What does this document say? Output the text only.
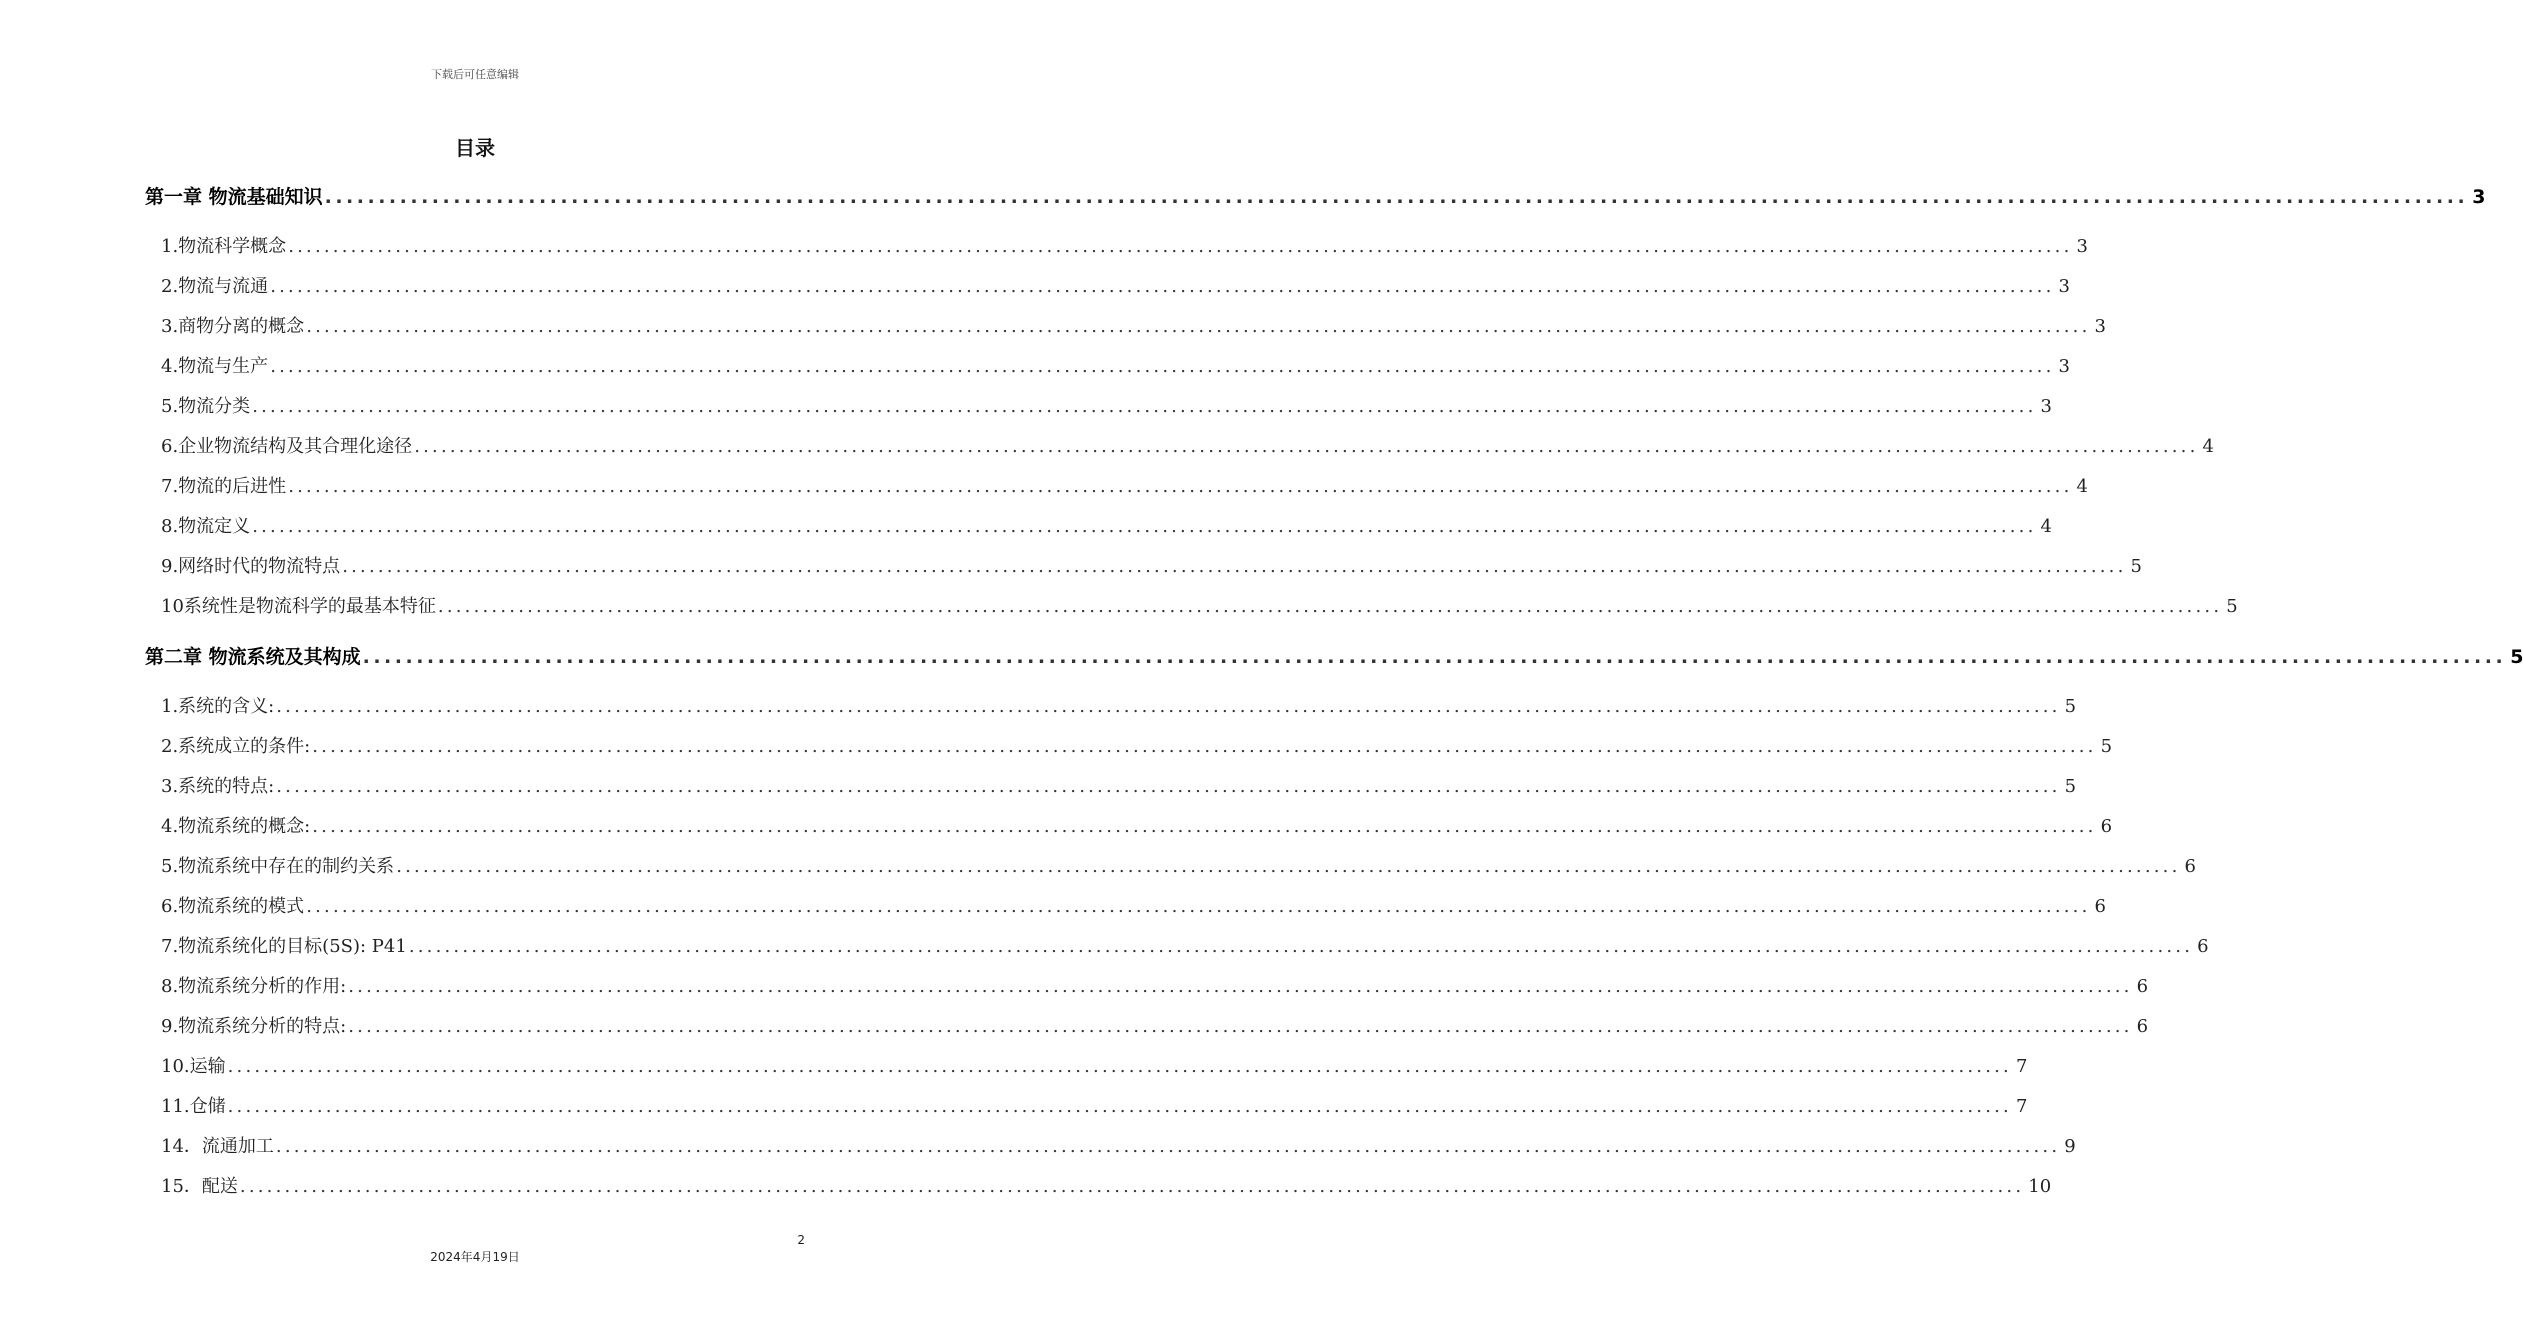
下载后可任意编辑
目录
第一章 物流基础知识 ........................................................................................................................................................................................................ 3
1.物流科学概念 ........................................................................................................................................................................................................ 3
2.物流与流通 ........................................................................................................................................................................................................ 3
3.商物分离的概念 ........................................................................................................................................................................................................ 3
4.物流与生产 ........................................................................................................................................................................................................ 3
5.物流分类 ........................................................................................................................................................................................................ 3
6.企业物流结构及其合理化途径 ........................................................................................................................................................................................................ 4
7.物流的后进性 ........................................................................................................................................................................................................ 4
8.物流定义 ........................................................................................................................................................................................................ 4
9.网络时代的物流特点 ........................................................................................................................................................................................................ 5
10系统性是物流科学的最基本特征 ........................................................................................................................................................................................................ 5
第二章 物流系统及其构成 ........................................................................................................................................................................................................ 5
1.系统的含义: ........................................................................................................................................................................................................ 5
2.系统成立的条件: ........................................................................................................................................................................................................ 5
3.系统的特点: ........................................................................................................................................................................................................ 5
4.物流系统的概念: ........................................................................................................................................................................................................ 6
5.物流系统中存在的制约关系 ........................................................................................................................................................................................................ 6
6.物流系统的模式 ........................................................................................................................................................................................................ 6
7.物流系统化的目标(5S): P41 ........................................................................................................................................................................................................ 6
8.物流系统分析的作用: ........................................................................................................................................................................................................ 6
9.物流系统分析的特点: ........................................................................................................................................................................................................ 6
10.运输 ........................................................................................................................................................................................................ 7
11.仓储 ........................................................................................................................................................................................................ 7
14．流通加工 ........................................................................................................................................................................................................ 9
15．配送 ........................................................................................................................................................................................................ 10
2
2024年4月19日
